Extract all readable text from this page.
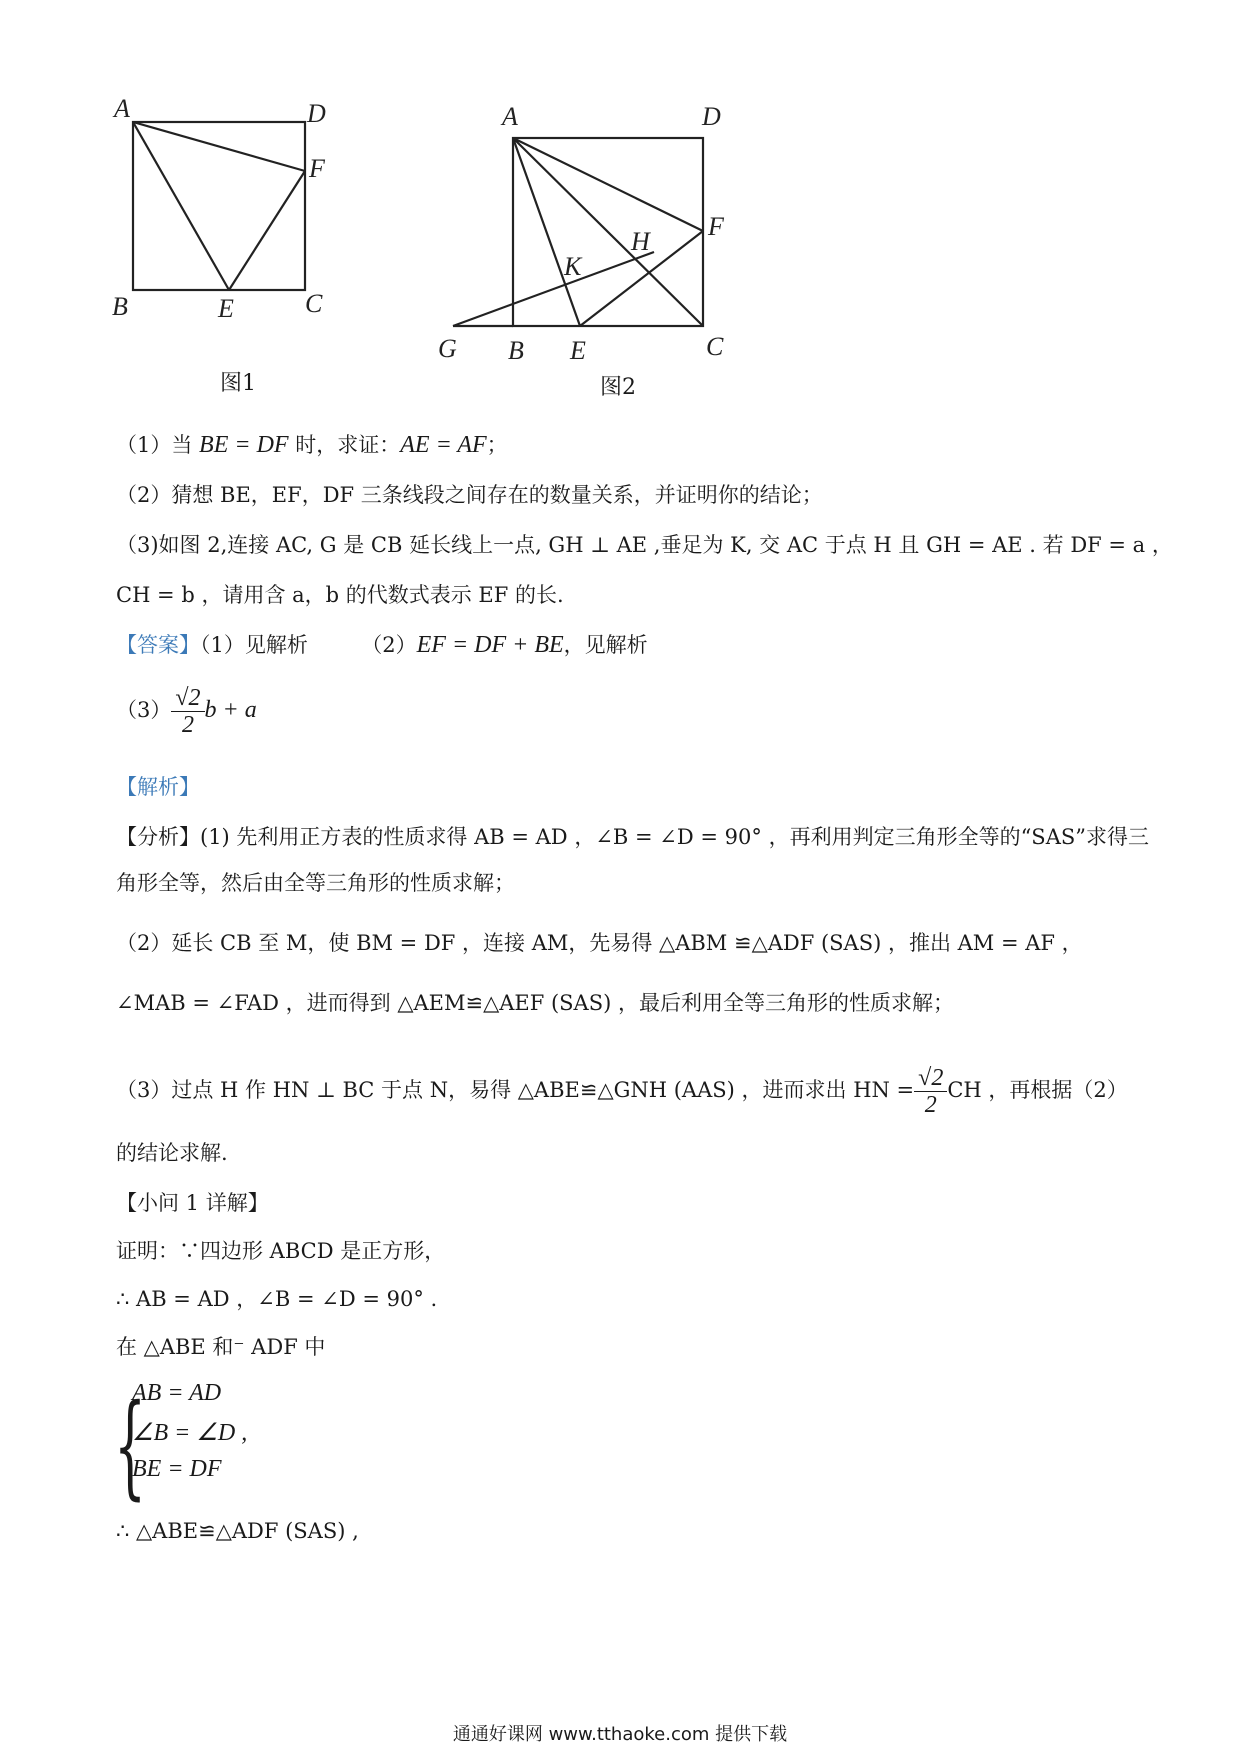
A	D
F
B	E	C
图1
A	D
F
H
K
G B E	C
图2
（1）当 BE = DF 时，求证：AE = AF；
（2）猜想 BE，EF，DF 三条线段之间存在的数量关系，并证明你的结论；
（3)如图 2,连接 AC, G 是 CB 延长线上一点, GH ⊥ AE ,垂足为 K, 交 AC 于点 H 且 GH = AE . 若 DF = a ，
CH = b ，请用含 a，b 的代数式表示 EF 的长.
【答案】（1）见解析	（2）EF = DF + BE，见解析
$(3) \frac{√2}{2}$ b + a
【解析】
【分析】(1) 先利用正方表的性质求得 AB = AD ，∠B = ∠D = 90° ，再利用判定三角形全等的“SAS”求得三
角形全等，然后由全等三角形的性质求解；
（2）延长 CB 至 M，使 BM = DF ，连接 AM，先易得 △ABM ≌△ADF (SAS) ，推出 AM = AF ，
∠MAB = ∠FAD ，进而得到 △AEM≌△AEF (SAS) ，最后利用全等三角形的性质求解；
（3）过点 H 作 HN ⊥ BC 于点 N，易得 △ABE≌△GNH (AAS) ，进而求出 HN = $\frac{√2}{2}$ CH ，再根据（2）
的结论求解.
【小问 1 详解】
证明：∵四边形 ABCD 是正方形，
∴ AB = AD ，∠B = ∠D = 90° .
在 △ABE 和⁻ ADF 中
{
AB = AD
∠B = ∠D ,
BE = DF
∴ △ABE≌△ADF (SAS) ,
通通好课网 www.tthaoke.com 提供下载
